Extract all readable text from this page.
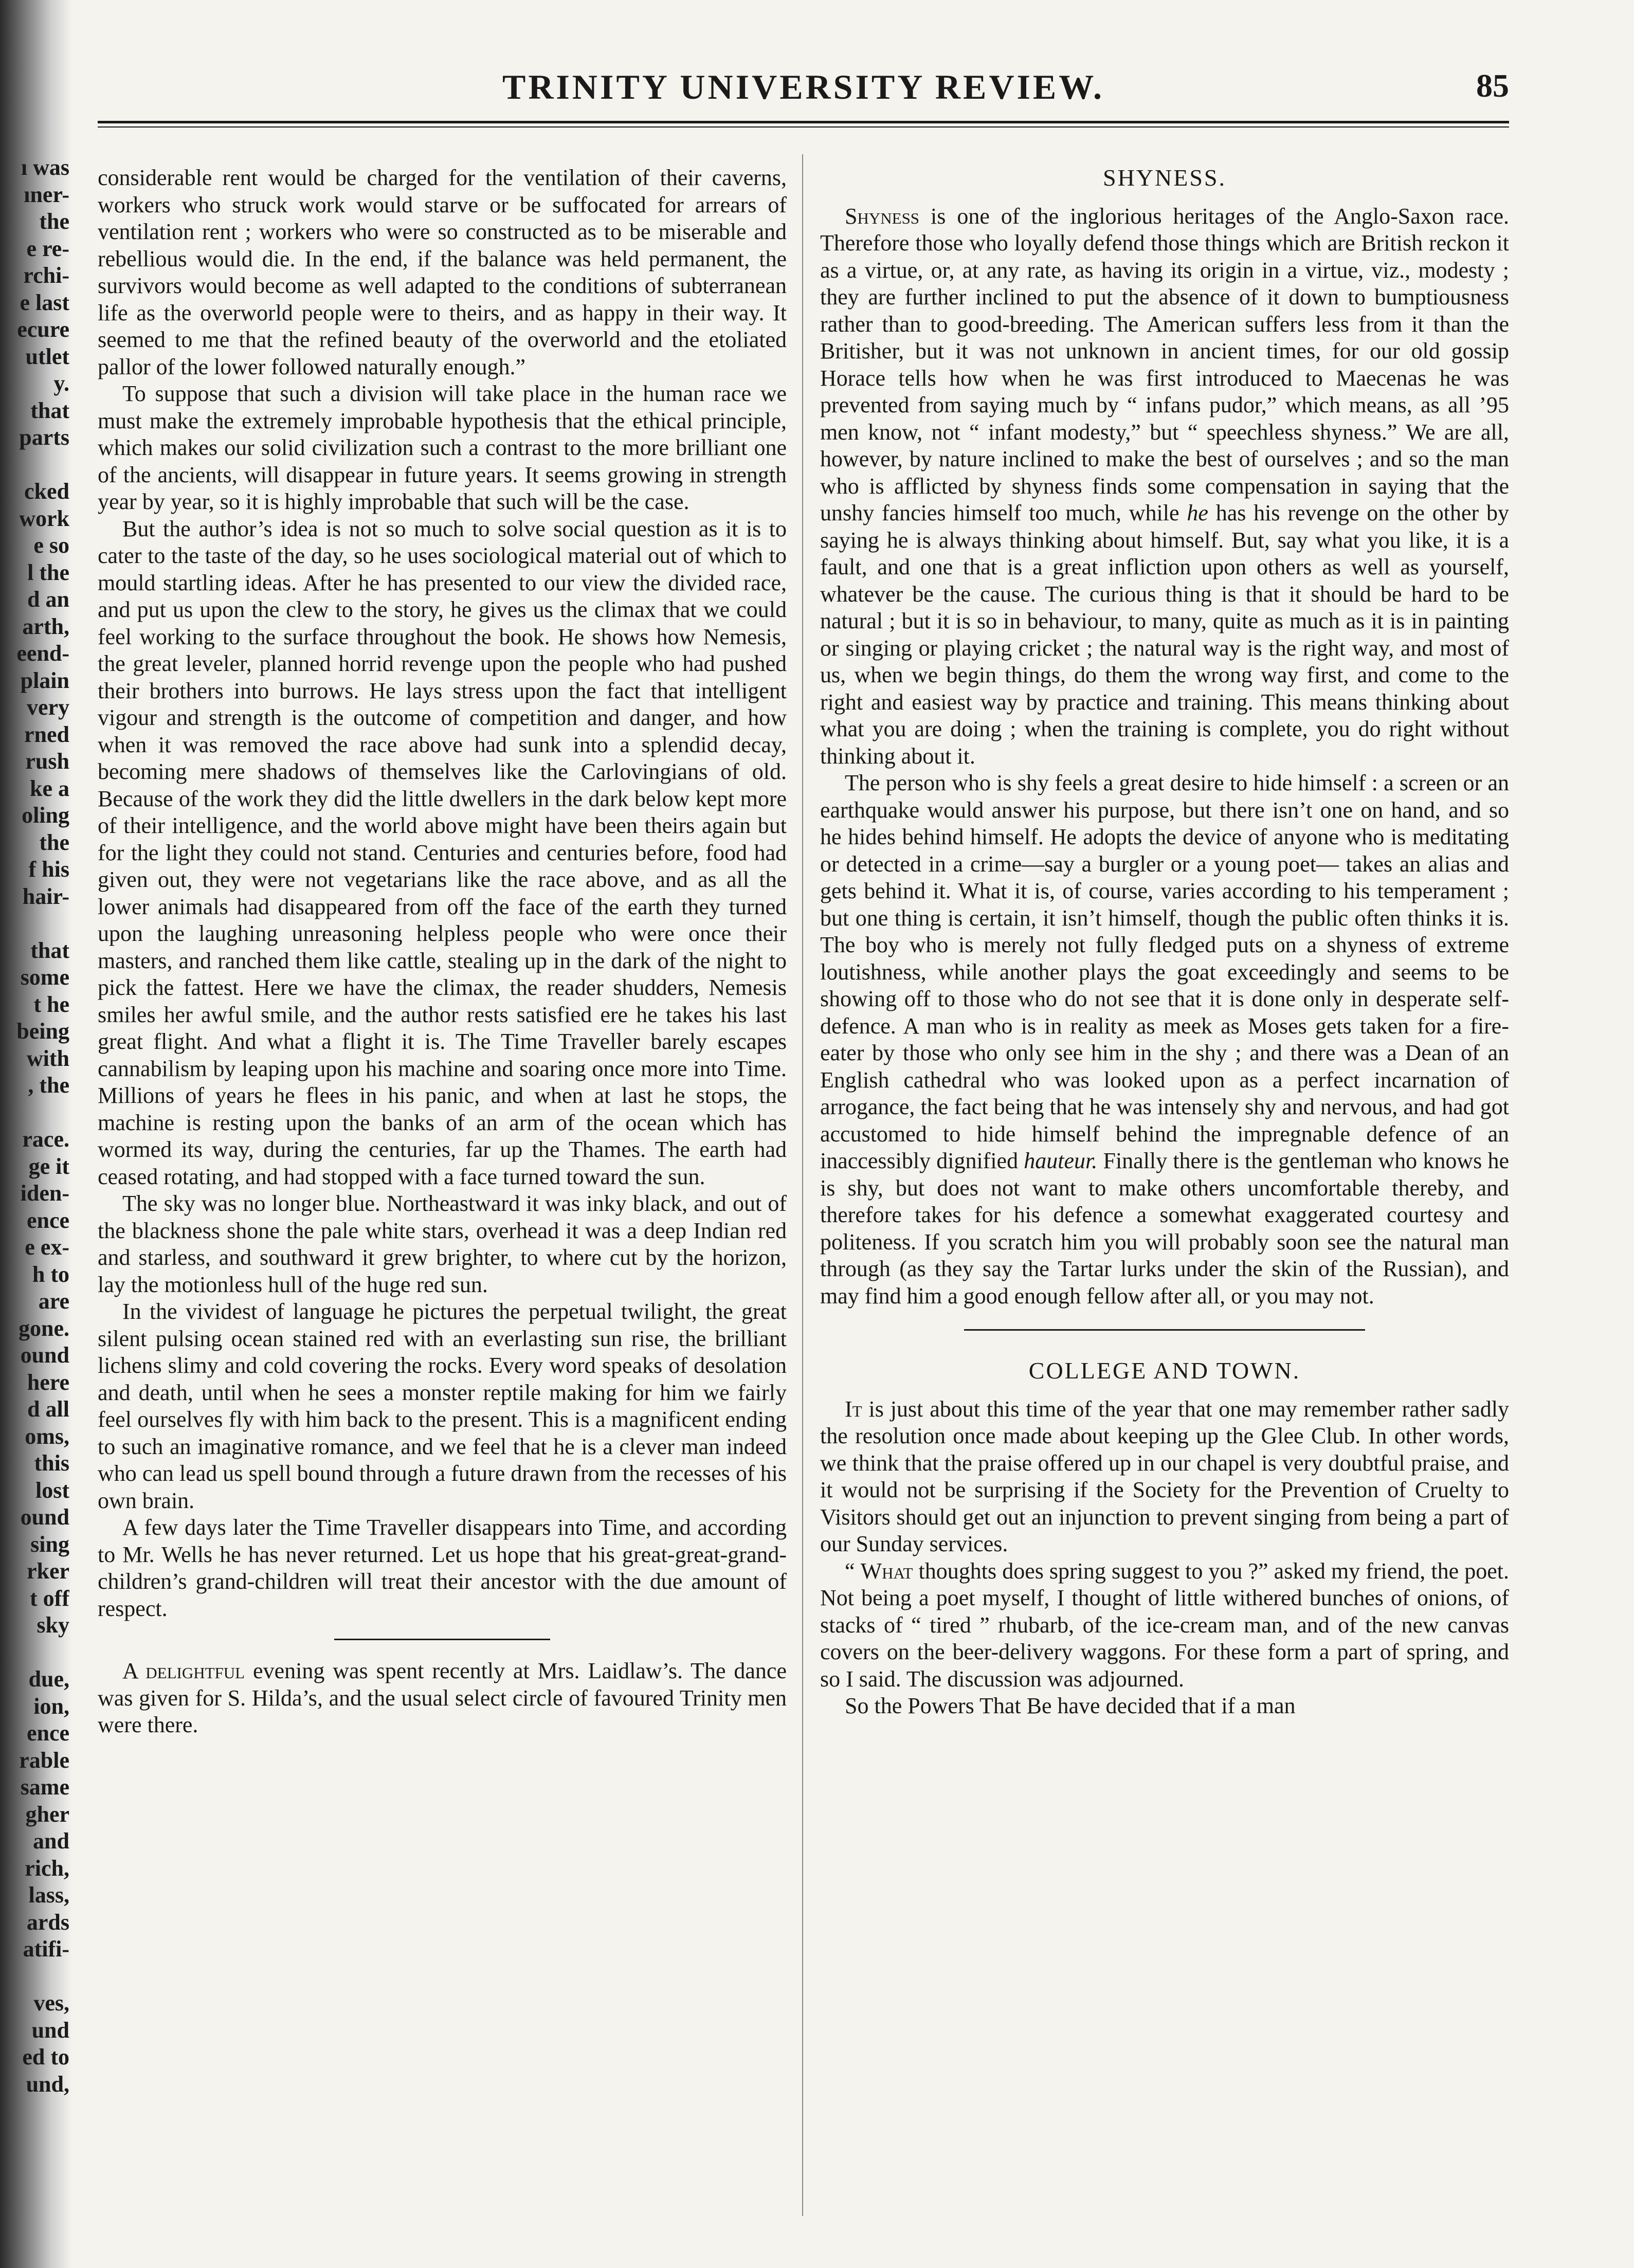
ı was
ıner-
the
e re-
rchi-
e last
ecure
utlet
y.
that
parts

cked
work
e so
l the
d an
arth,
eend-
plain
very
rned
rush
ke a
oling
the
f his
hair-

that
some
t he
being
with
, the

race.
ge it
iden-
ence
e ex-
h to
are
gone.
ound
here
d all
oms,
this
lost
ound
sing
rker
t off
sky

due,
ion,
ence
rable
same
gher
and
rich,
lass,
ards
atifi-

ves,
und
ed to
und,
TRINITY UNIVERSITY REVIEW.	85

considerable rent would be charged for the ventilation of their caverns, workers who struck work would starve or be suffocated for arrears of ventilation rent ; workers who were so constructed as to be miserable and rebellious would die. In the end, if the balance was held permanent, the survivors would become as well adapted to the conditions of subterranean life as the overworld people were to theirs, and as happy in their way. It seemed to me that the refined beauty of the overworld and the etoliated pallor of the lower followed naturally enough.”

To suppose that such a division will take place in the human race we must make the extremely improbable hypothesis that the ethical principle, which makes our solid civilization such a contrast to the more brilliant one of the ancients, will disappear in future years. It seems growing in strength year by year, so it is highly improbable that such will be the case.

But the author’s idea is not so much to solve social question as it is to cater to the taste of the day, so he uses sociological material out of which to mould startling ideas. After he has presented to our view the divided race, and put us upon the clew to the story, he gives us the climax that we could feel working to the surface throughout the book. He shows how Nemesis, the great leveler, planned horrid revenge upon the people who had pushed their brothers into burrows. He lays stress upon the fact that intelligent vigour and strength is the outcome of competition and danger, and how when it was removed the race above had sunk into a splendid decay, becoming mere shadows of themselves like the Carlovingians of old. Because of the work they did the little dwellers in the dark below kept more of their intelligence, and the world above might have been theirs again but for the light they could not stand. Centuries and centuries before, food had given out, they were not vegetarians like the race above, and as all the lower animals had disappeared from off the face of the earth they turned upon the laughing unreasoning helpless people who were once their masters, and ranched them like cattle, stealing up in the dark of the night to pick the fattest. Here we have the climax, the reader shudders, Nemesis smiles her awful smile, and the author rests satisfied ere he takes his last great flight. And what a flight it is. The Time Traveller barely escapes cannabilism by leaping upon his machine and soaring once more into Time. Millions of years he flees in his panic, and when at last he stops, the machine is resting upon the banks of an arm of the ocean which has wormed its way, during the centuries, far up the Thames. The earth had ceased rotating, and had stopped with a face turned toward the sun.

The sky was no longer blue. Northeastward it was inky black, and out of the blackness shone the pale white stars, overhead it was a deep Indian red and starless, and southward it grew brighter, to where cut by the horizon, lay the motionless hull of the huge red sun.

In the vividest of language he pictures the perpetual twilight, the great silent pulsing ocean stained red with an everlasting sun rise, the brilliant lichens slimy and cold covering the rocks. Every word speaks of desolation and death, until when he sees a monster reptile making for him we fairly feel ourselves fly with him back to the present. This is a magnificent ending to such an imaginative romance, and we feel that he is a clever man indeed who can lead us spell bound through a future drawn from the recesses of his own brain.

A few days later the Time Traveller disappears into Time, and according to Mr. Wells he has never returned. Let us hope that his great-great-grand-children’s grand-children will treat their ancestor with the due amount of respect.

A delightful evening was spent recently at Mrs. Laidlaw’s. The dance was given for S. Hilda’s, and the usual select circle of favoured Trinity men were there.

SHYNESS.

Shyness is one of the inglorious heritages of the Anglo-Saxon race. Therefore those who loyally defend those things which are British reckon it as a virtue, or, at any rate, as having its origin in a virtue, viz., modesty ; they are further inclined to put the absence of it down to bumptiousness rather than to good-breeding. The American suffers less from it than the Britisher, but it was not unknown in ancient times, for our old gossip Horace tells how when he was first introduced to Maecenas he was prevented from saying much by “ infans pudor,” which means, as all ’95 men know, not “ infant modesty,” but “ speechless shyness.” We are all, however, by nature inclined to make the best of ourselves ; and so the man who is afflicted by shyness finds some compensation in saying that the unshy fancies himself too much, while he has his revenge on the other by saying he is always thinking about himself. But, say what you like, it is a fault, and one that is a great infliction upon others as well as yourself, whatever be the cause. The curious thing is that it should be hard to be natural ; but it is so in behaviour, to many, quite as much as it is in painting or singing or playing cricket ; the natural way is the right way, and most of us, when we begin things, do them the wrong way first, and come to the right and easiest way by practice and training. This means thinking about what you are doing ; when the training is complete, you do right without thinking about it.

The person who is shy feels a great desire to hide himself : a screen or an earthquake would answer his purpose, but there isn’t one on hand, and so he hides behind himself. He adopts the device of anyone who is meditating or detected in a crime—say a burgler or a young poet— takes an alias and gets behind it. What it is, of course, varies according to his temperament ; but one thing is certain, it isn’t himself, though the public often thinks it is. The boy who is merely not fully fledged puts on a shyness of extreme loutishness, while another plays the goat exceedingly and seems to be showing off to those who do not see that it is done only in desperate self-defence. A man who is in reality as meek as Moses gets taken for a fire-eater by those who only see him in the shy ; and there was a Dean of an English cathedral who was looked upon as a perfect incarnation of arrogance, the fact being that he was intensely shy and nervous, and had got accustomed to hide himself behind the impregnable defence of an inaccessibly dignified hauteur. Finally there is the gentleman who knows he is shy, but does not want to make others uncomfortable thereby, and therefore takes for his defence a somewhat exaggerated courtesy and politeness. If you scratch him you will probably soon see the natural man through (as they say the Tartar lurks under the skin of the Russian), and may find him a good enough fellow after all, or you may not.

COLLEGE AND TOWN.

It is just about this time of the year that one may remember rather sadly the resolution once made about keeping up the Glee Club. In other words, we think that the praise offered up in our chapel is very doubtful praise, and it would not be surprising if the Society for the Prevention of Cruelty to Visitors should get out an injunction to prevent singing from being a part of our Sunday services.

“ What thoughts does spring suggest to you ?” asked my friend, the poet. Not being a poet myself, I thought of little withered bunches of onions, of stacks of “ tired ” rhubarb, of the ice-cream man, and of the new canvas covers on the beer-delivery waggons. For these form a part of spring, and so I said. The discussion was adjourned.

So the Powers That Be have decided that if a man
